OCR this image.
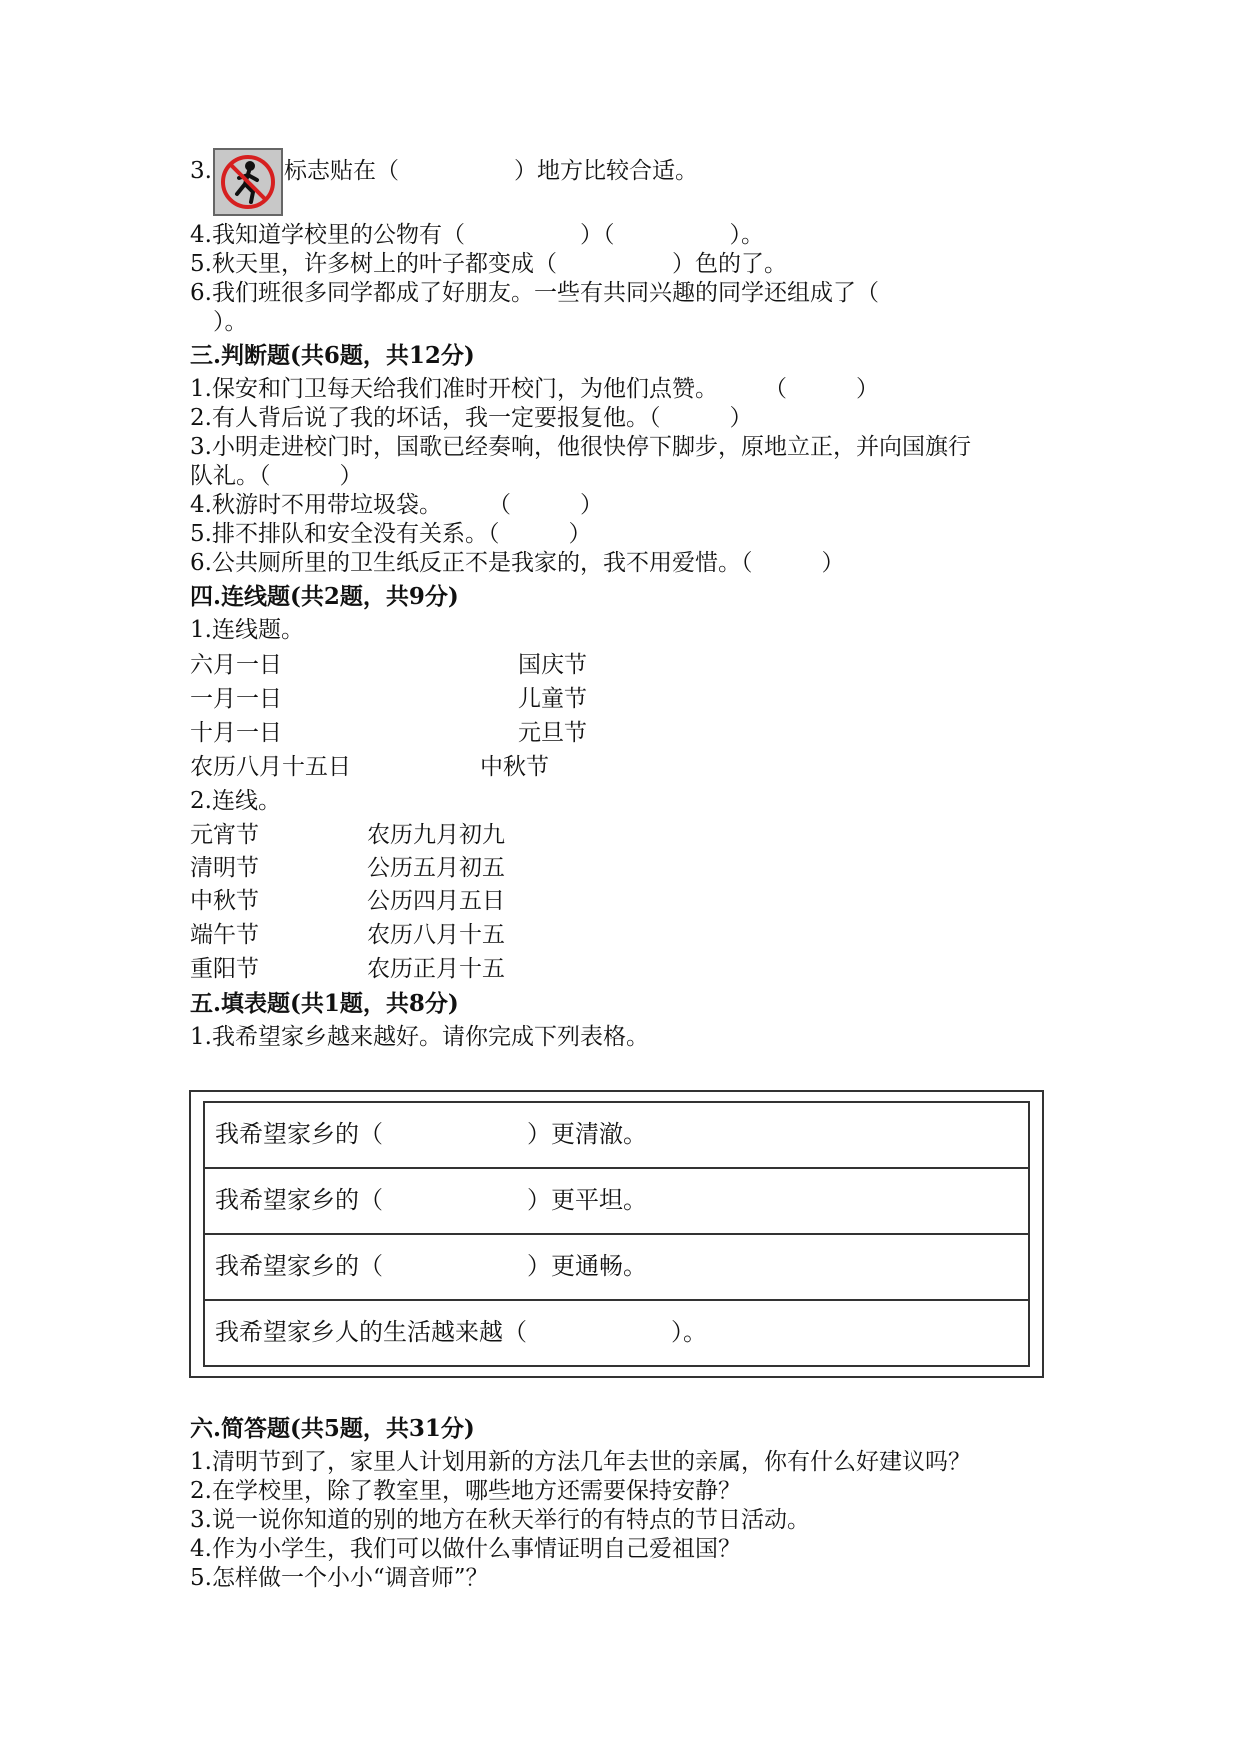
3.	标志贴在（　　　　　）地方比较合适。
4.我知道学校里的公物有（　　　　　）（　　　　　）。
5.秋天里，许多树上的叶子都变成（　　　　　）色的了。
6.我们班很多同学都成了好朋友。一些有共同兴趣的同学还组成了（
　）。
三.判断题(共6题，共12分)
1.保安和门卫每天给我们准时开校门，为他们点赞。　　　（　　　）
2.有人背后说了我的坏话，我一定要报复他。（　　　）
3.小明走进校门时，国歌已经奏响，他很快停下脚步，原地立正，并向国旗行
队礼。（　　　）
4.秋游时不用带垃圾袋。　　　（　　　）
5.排不排队和安全没有关系。（　　　）
6.公共厕所里的卫生纸反正不是我家的，我不用爱惜。（　　　）
四.连线题(共2题，共9分)
1.连线题。
六月一日	国庆节
一月一日	儿童节
十月一日	元旦节
农历八月十五日	中秋节
2.连线。
元宵节	农历九月初九
清明节	公历五月初五
中秋节	公历四月五日
端午节	农历八月十五
重阳节	农历正月十五
五.填表题(共1题，共8分)
1.我希望家乡越来越好。请你完成下列表格。
我希望家乡的（　　　　　　）更清澈。
我希望家乡的（　　　　　　）更平坦。
我希望家乡的（　　　　　　）更通畅。
我希望家乡人的生活越来越（　　　　　　）。
六.简答题(共5题，共31分)
1.清明节到了，家里人计划用新的方法几年去世的亲属，你有什么好建议吗？
2.在学校里，除了教室里，哪些地方还需要保持安静？
3.说一说你知道的别的地方在秋天举行的有特点的节日活动。
4.作为小学生，我们可以做什么事情证明自己爱祖国？
5.怎样做一个小小“调音师”？
